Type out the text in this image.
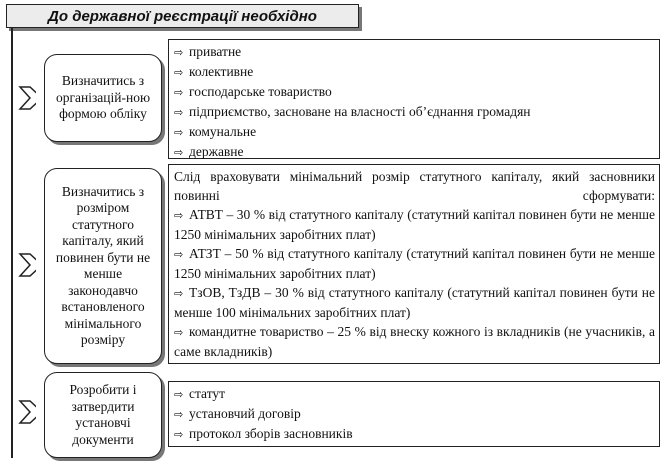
До державної реєстрації необхідно
Визначитись з організацій-ною формою обліку
⇨ приватне
⇨ колективне
⇨ господарське товариство
⇨ підприємство, засноване на власності об’єднання громадян
⇨ комунальне
⇨ державне
Визначитись з розміром статутного капіталу, який повинен бути не менше законодавчо встановленого мінімального розміру

Слід враховувати мінімальний розмір статутного капіталу, який засновники повинні сформувати:

⇨ АТВТ – 30 % від статутного капіталу (статутний капітал повинен бути не менше 1250 мінімальних заробітних плат)

⇨ АТЗТ – 50 % від статутного капіталу (статутний капітал повинен бути не менше 1250 мінімальних заробітних плат)

⇨ ТзОВ, ТзДВ – 30 % від статутного капіталу (статутний капітал повинен бути не менше 100 мінімальних заробітних плат)

⇨ командитне товариство – 25 % від внеску кожного із вкладників (не учасників, а саме вкладників)

Розробити і затвердити установчі документи
⇨ статут
⇨ установчий договір
⇨ протокол зборів засновників
